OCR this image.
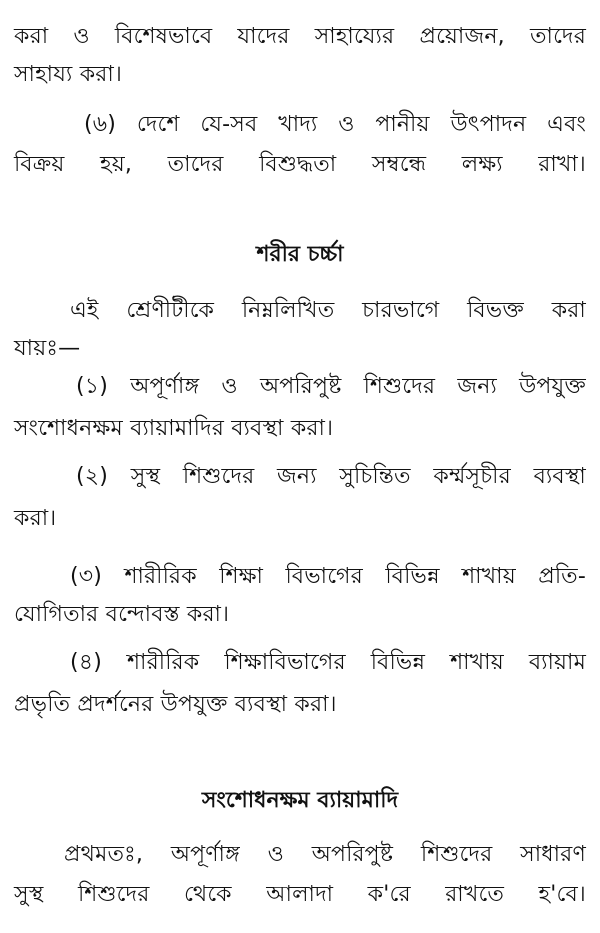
করা ও বিশেষভাবে যাদের সাহায্যের প্রয়োজন, তাদের
সাহায্য করা।
(৬) দেশে যে-সব খাদ্য ও পানীয় উৎপাদন এবং
বিক্রয় হয়, তাদের বিশুদ্ধতা সম্বন্ধে লক্ষ্য রাখা।
শরীর চর্চ্চা
এই শ্রেণীটীকে নিম্নলিখিত চারভাগে বিভক্ত করা
যায়ঃ—
(১) অপূর্ণাঙ্গ ও অপরিপুষ্ট শিশুদের জন্য উপযুক্ত
সংশোধনক্ষম ব্যায়ামাদির ব্যবস্থা করা।
(২) সুস্থ শিশুদের জন্য সুচিন্তিত কর্ম্মসূচীর ব্যবস্থা
করা।
(৩) শারীরিক শিক্ষা বিভাগের বিভিন্ন শাখায় প্রতি-
যোগিতার বন্দোবস্ত করা।
(৪) শারীরিক শিক্ষাবিভাগের বিভিন্ন শাখায় ব্যায়াম
প্রভৃতি প্রদর্শনের উপযুক্ত ব্যবস্থা করা।
সংশোধনক্ষম ব্যায়ামাদি
প্রথমতঃ, অপূর্ণাঙ্গ ও অপরিপুষ্ট শিশুদের সাধারণ
সুস্থ শিশুদের থেকে আলাদা ক'রে রাখতে হ'বে।
